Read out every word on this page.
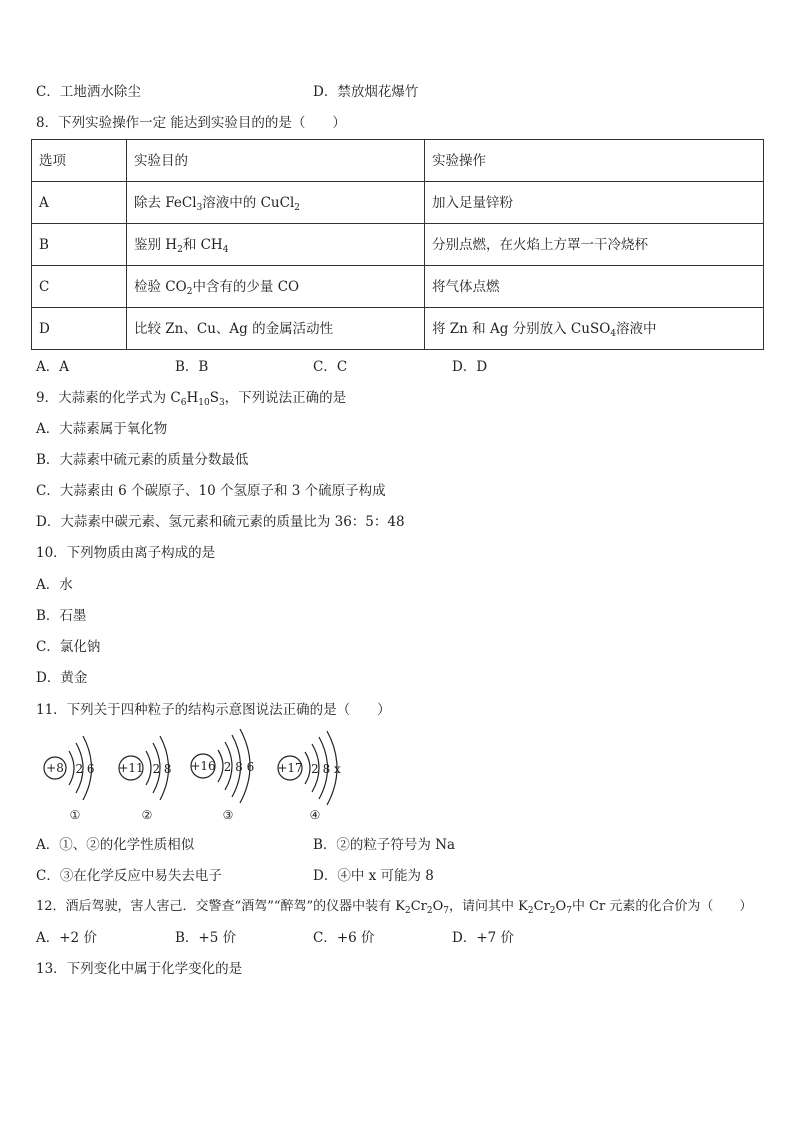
C．工地洒水除尘	D．禁放烟花爆竹
8．下列实验操作一定 能达到实验目的的是（　　）
选项	实验目的	实验操作
A	除去 FeCl$_3$溶液中的 CuCl$_2$	加入足量锌粉
B	鉴别 $H_2$和 $CH_4$	分别点燃，在火焰上方罩一干冷烧杯
C	检验 $CO_2$中含有的少量 CO	将气体点燃
D	比较 Zn、Cu、Ag 的金属活动性	将 Zn 和 Ag 分别放入 CuSO$_4$溶液中
A．A	B．B	C．C	D．D
9．大蒜素的化学式为 $C_6H_{10}S_3$，下列说法正确的是
A．大蒜素属于氧化物
B．大蒜素中硫元素的质量分数最低
C．大蒜素由 6 个碳原子、10 个氢原子和 3 个硫原子构成
D．大蒜素中碳元素、氢元素和硫元素的质量比为 36：5：48
10．下列物质由离子构成的是
A．水
B．石墨
C．氯化钠
D．黄金
11．下列关于四种粒子的结构示意图说法正确的是（　　）
+8 2 6
①
+11 2 8
②
+16 2 8 6
③
+17 2 8 x
④
A．①、②的化学性质相似	B．②的粒子符号为 Na
C．③在化学反应中易失去电子	D．④中 x 可能为 8
12．酒后驾驶，害人害己．交警查“酒驾”“醉驾”的仪器中装有 $K_2Cr_2O_7$，请问其中 $K_2Cr_2O_7$中 Cr 元素的化合价为（　　）
A．+2 价	B．+5 价	C．+6 价	D．+7 价
13．下列变化中属于化学变化的是
